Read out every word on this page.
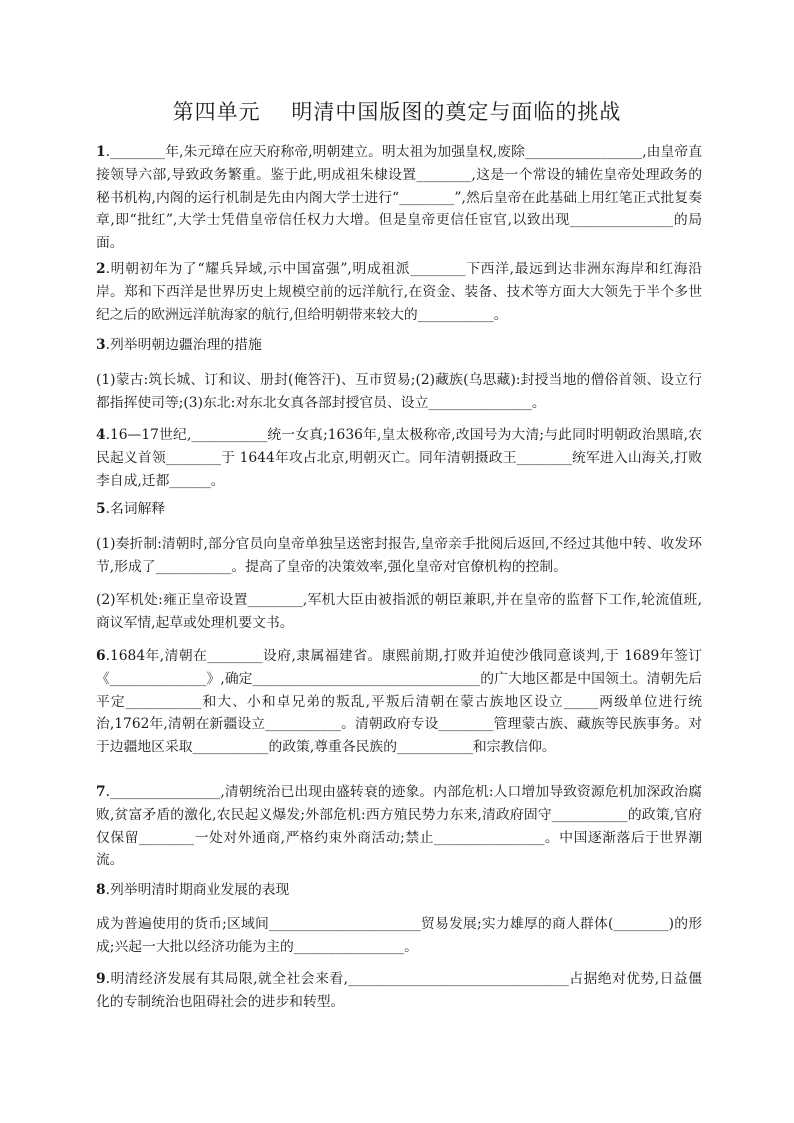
第四单元    明清中国版图的奠定与面临的挑战
1.________年,朱元璋在应天府称帝,明朝建立。明太祖为加强皇权,废除_________________,由皇帝直接领导六部,导致政务繁重。鉴于此,明成祖朱棣设置________,这是一个常设的辅佐皇帝处理政务的秘书机构,内阁的运行机制是先由内阁大学士进行“________”,然后皇帝在此基础上用红笔正式批复奏章,即“批红”,大学士凭借皇帝信任权力大增。但是皇帝更信任宦官,以致出现_______________的局面。
2.明朝初年为了“耀兵异域,示中国富强”,明成祖派________下西洋,最远到达非洲东海岸和红海沿岸。郑和下西洋是世界历史上规模空前的远洋航行,在资金、装备、技术等方面大大领先于半个多世纪之后的欧洲远洋航海家的航行,但给明朝带来较大的___________。
3.列举明朝边疆治理的措施
(1)蒙古:筑长城、订和议、册封(俺答汗)、互市贸易;(2)藏族(乌思藏):封授当地的僧俗首领、设立行都指挥使司等;(3)东北:对东北女真各部封授官员、设立_______________。
4.16—17世纪,___________统一女真;1636年,皇太极称帝,改国号为大清;与此同时明朝政治黑暗,农民起义首领________于 1644年攻占北京,明朝灭亡。同年清朝摄政王________统军进入山海关,打败李自成,迁都______。
5.名词解释
(1)奏折制:清朝时,部分官员向皇帝单独呈送密封报告,皇帝亲手批阅后返回,不经过其他中转、收发环节,形成了___________。提高了皇帝的决策效率,强化皇帝对官僚机构的控制。
(2)军机处:雍正皇帝设置________,军机大臣由被指派的朝臣兼职,并在皇帝的监督下工作,轮流值班,商议军情,起草或处理机要文书。
6.1684年,清朝在________设府,隶属福建省。康熙前期,打败并迫使沙俄同意谈判,于 1689年签订《______________》,确定_________________________________的广大地区都是中国领土。清朝先后平定___________和大、小和卓兄弟的叛乱,平叛后清朝在蒙古族地区设立_____两级单位进行统治,1762年,清朝在新疆设立___________。清朝政府专设________管理蒙古族、藏族等民族事务。对于边疆地区采取___________的政策,尊重各民族的___________和宗教信仰。
7.________________,清朝统治已出现由盛转衰的迹象。内部危机:人口增加导致资源危机加深政治腐败,贫富矛盾的激化,农民起义爆发;外部危机:西方殖民势力东来,清政府固守___________的政策,官府仅保留________一处对外通商,严格约束外商活动;禁止________________。中国逐渐落后于世界潮流。
8.列举明清时期商业发展的表现
成为普遍使用的货币;区域间______________________贸易发展;实力雄厚的商人群体(________)的形成;兴起一大批以经济功能为主的________________。
9.明清经济发展有其局限,就全社会来看,________________________________占据绝对优势,日益僵化的专制统治也阻碍社会的进步和转型。
